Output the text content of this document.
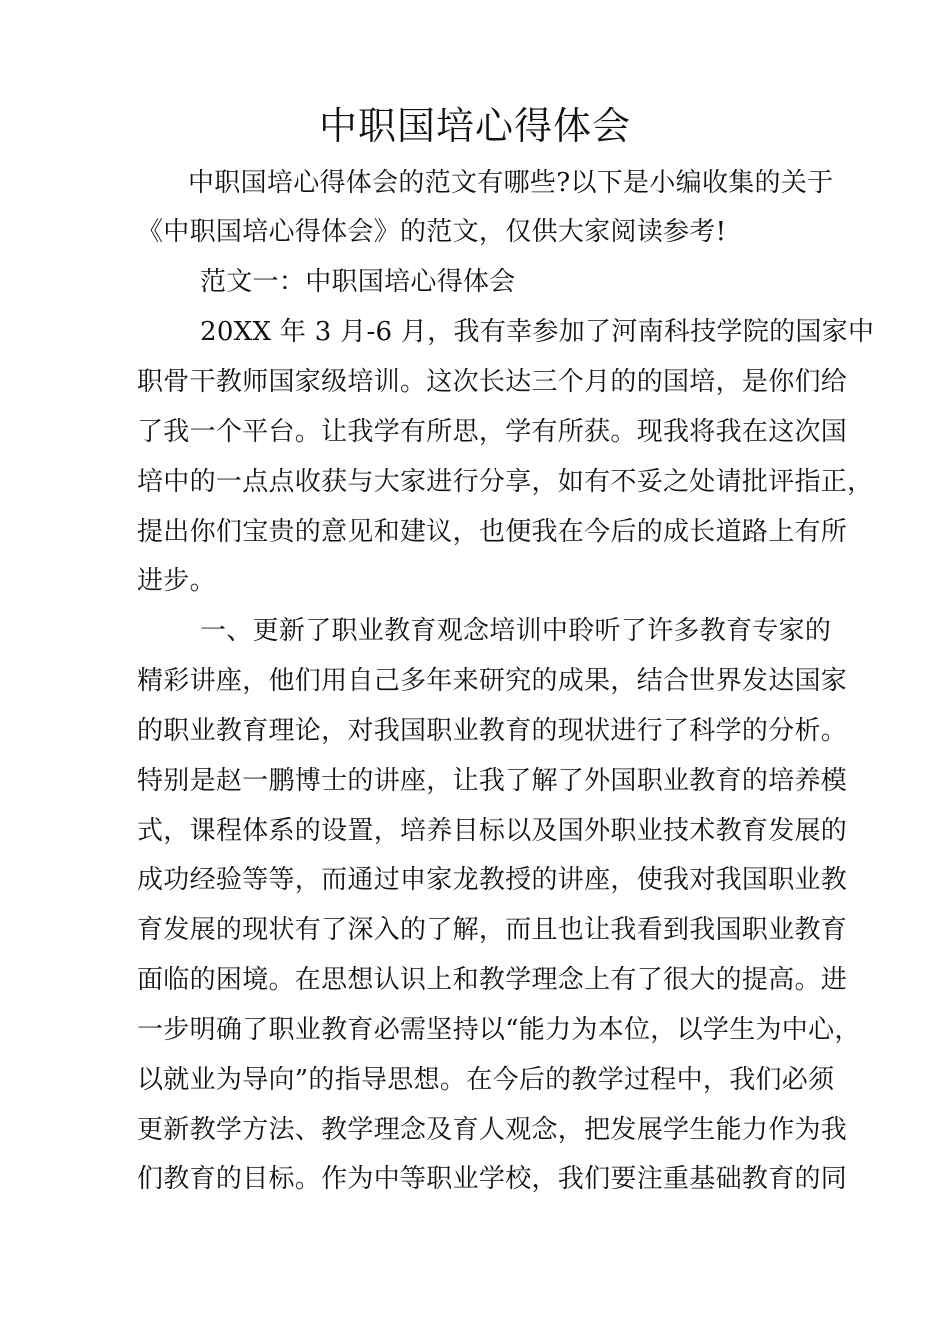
中职国培心得体会
中职国培心得体会的范文有哪些?以下是小编收集的关于
《中职国培心得体会》的范文，仅供大家阅读参考!
范文一：中职国培心得体会
20XX 年 3 月-6 月，我有幸参加了河南科技学院的国家中
职骨干教师国家级培训。这次长达三个月的的国培，是你们给
了我一个平台。让我学有所思，学有所获。现我将我在这次国
培中的一点点收获与大家进行分享，如有不妥之处请批评指正，
提出你们宝贵的意见和建议，也便我在今后的成长道路上有所
进步。
一、更新了职业教育观念培训中聆听了许多教育专家的
精彩讲座，他们用自己多年来研究的成果，结合世界发达国家
的职业教育理论，对我国职业教育的现状进行了科学的分析。
特别是赵一鹏博士的讲座，让我了解了外国职业教育的培养模
式，课程体系的设置，培养目标以及国外职业技术教育发展的
成功经验等等，而通过申家龙教授的讲座，使我对我国职业教
育发展的现状有了深入的了解，而且也让我看到我国职业教育
面临的困境。在思想认识上和教学理念上有了很大的提高。进
一步明确了职业教育必需坚持以“能力为本位，以学生为中心，
以就业为导向”的指导思想。在今后的教学过程中，我们必须
更新教学方法、教学理念及育人观念，把发展学生能力作为我
们教育的目标。作为中等职业学校，我们要注重基础教育的同
